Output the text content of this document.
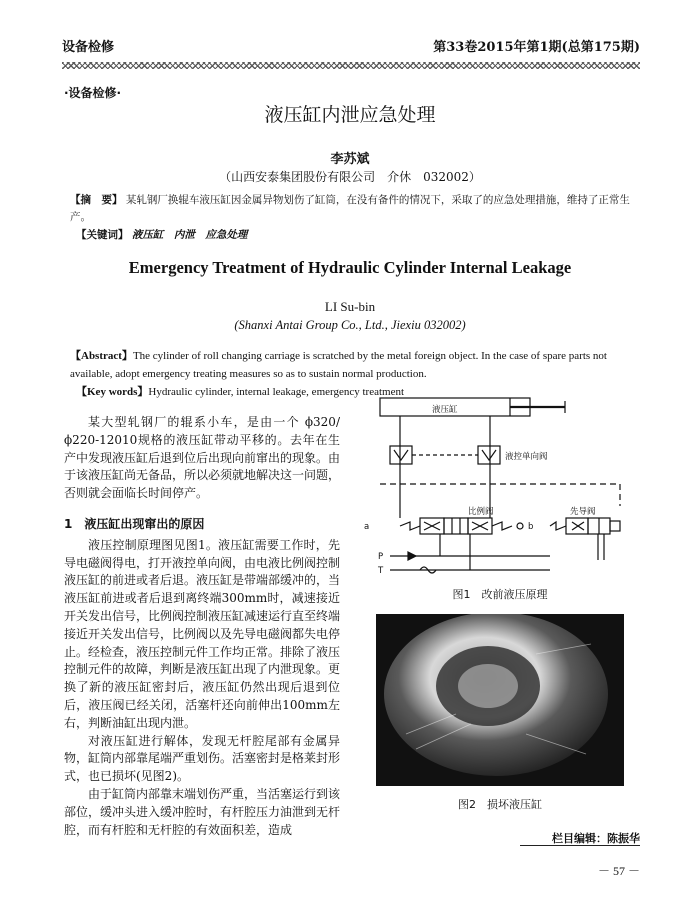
设备检修	第33卷2015年第1期(总第175期)
·设备检修·
液压缸内泄应急处理
李苏斌
（山西安泰集团股份有限公司　介休　032002）
【摘　要】 某轧钢厂换辊车液压缸因金属异物划伤了缸筒，在没有备件的情况下，采取了的应急处理措施，维持了正常生产。
【关键词】 液压缸　内泄　应急处理
Emergency Treatment of Hydraulic Cylinder Internal Leakage
LI Su-bin
(Shanxi Antai Group Co., Ltd., Jiexiu 032002)
【Abstract】The cylinder of roll changing carriage is scratched by the metal foreign object. In the case of spare parts not available, adopt emergency treating measures so as to sustain normal production.
【Key words】Hydraulic cylinder, internal leakage, emergency treatment

某大型轧钢厂的辊系小车，是由一个 ϕ320/ϕ220-12010规格的液压缸带动平移的。去年在生产中发现液压缸后退到位后出现向前窜出的现象。由于该液压缸尚无备品，所以必须就地解决这一问题，否则就会面临长时间停产。

1　液压缸出现窜出的原因

液压控制原理图见图1。液压缸需要工作时，先导电磁阀得电，打开液控单向阀，由电液比例阀控制液压缸的前进或者后退。液压缸是带端部缓冲的，当液压缸前进或者后退到离终端300mm时，减速接近开关发出信号，比例阀控制液压缸减速运行直至终端接近开关发出信号，比例阀以及先导电磁阀都失电停止。经检查，液压控制元件工作均正常。排除了液压控制元件的故障，判断是液压缸出现了内泄现象。更换了新的液压缸密封后，液压缸仍然出现后退到位后，液压阀已经关闭，活塞杆还向前伸出100mm左右，判断油缸出现内泄。

对液压缸进行解体，发现无杆腔尾部有金属异物，缸筒内部靠尾端严重划伤。活塞密封是格莱封形式，也已损坏(见图2)。

由于缸筒内部靠末端划伤严重，当活塞运行到该部位，缓冲头进入缓冲腔时，有杆腔压力油泄到无杆腔，而有杆腔和无杆腔的有效面积差，造成

液压缸
液控单向阀
比例阀	先导阀
a	b
P
T
图1　改前液压原理
图2　损坏液压缸
栏目编辑：陈振华
－ 57 －
